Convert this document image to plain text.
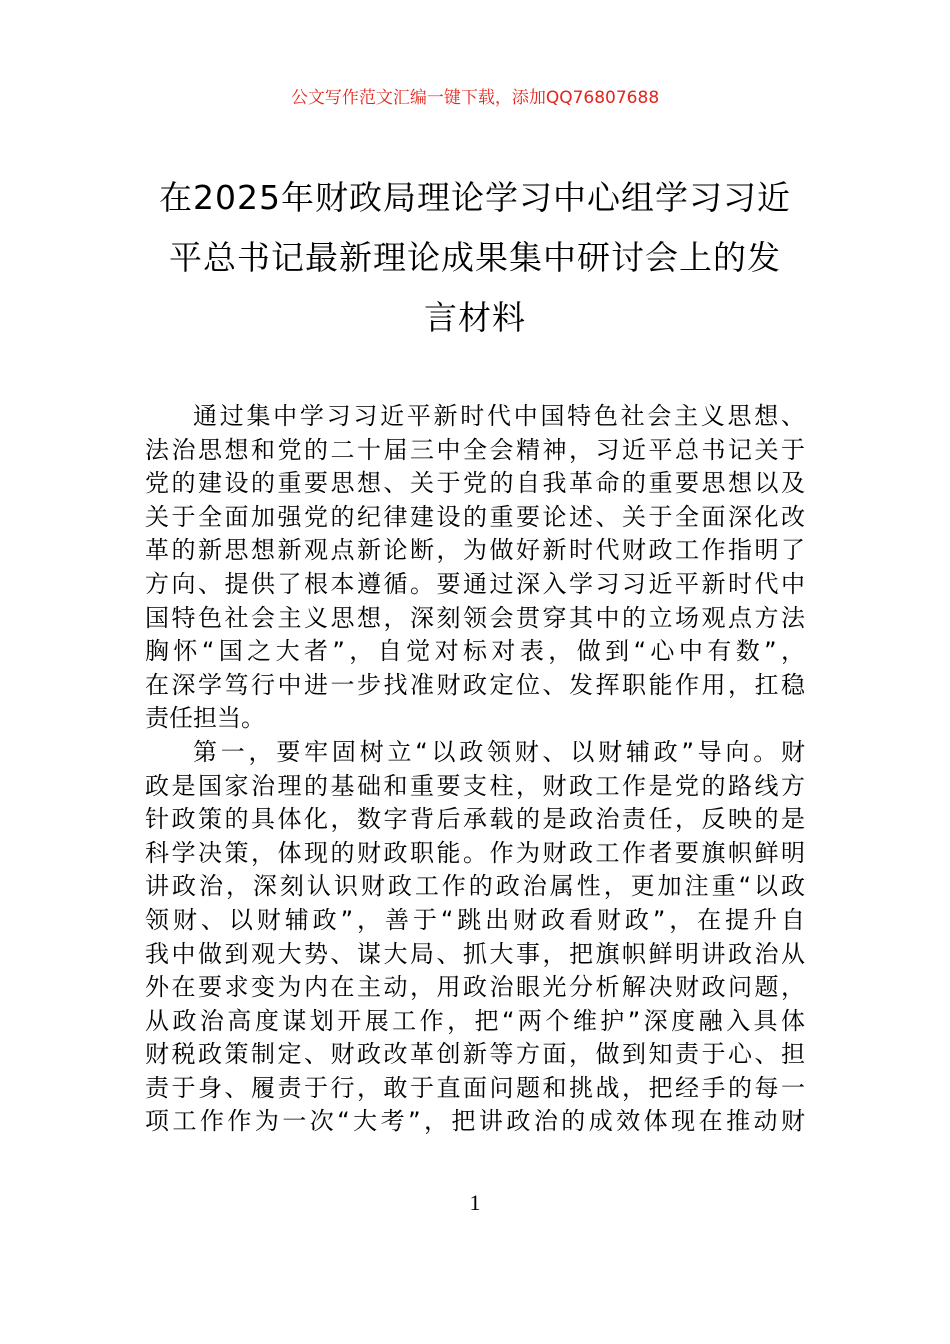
公文写作范文汇编一键下载，添加QQ76807688
在2025年财政局理论学习中心组学习习近
平总书记最新理论成果集中研讨会上的发
言材料
通过集中学习习近平新时代中国特色社会主义思想、
法治思想和党的二十届三中全会精神，习近平总书记关于
党的建设的重要思想、关于党的自我革命的重要思想以及
关于全面加强党的纪律建设的重要论述、关于全面深化改
革的新思想新观点新论断，为做好新时代财政工作指明了
方向、提供了根本遵循。要通过深入学习习近平新时代中
国特色社会主义思想，深刻领会贯穿其中的立场观点方法
胸怀“国之大者”，自觉对标对表，做到“心中有数”，
在深学笃行中进一步找准财政定位、发挥职能作用，扛稳
责任担当。
第一，要牢固树立“以政领财、以财辅政”导向。财
政是国家治理的基础和重要支柱，财政工作是党的路线方
针政策的具体化，数字背后承载的是政治责任，反映的是
科学决策，体现的财政职能。作为财政工作者要旗帜鲜明
讲政治，深刻认识财政工作的政治属性，更加注重“以政
领财、以财辅政”，善于“跳出财政看财政”，在提升自
我中做到观大势、谋大局、抓大事，把旗帜鲜明讲政治从
外在要求变为内在主动，用政治眼光分析解决财政问题，
从政治高度谋划开展工作，把“两个维护”深度融入具体
财税政策制定、财政改革创新等方面，做到知责于心、担
责于身、履责于行，敢于直面问题和挑战，把经手的每一
项工作作为一次“大考”，把讲政治的成效体现在推动财
1
